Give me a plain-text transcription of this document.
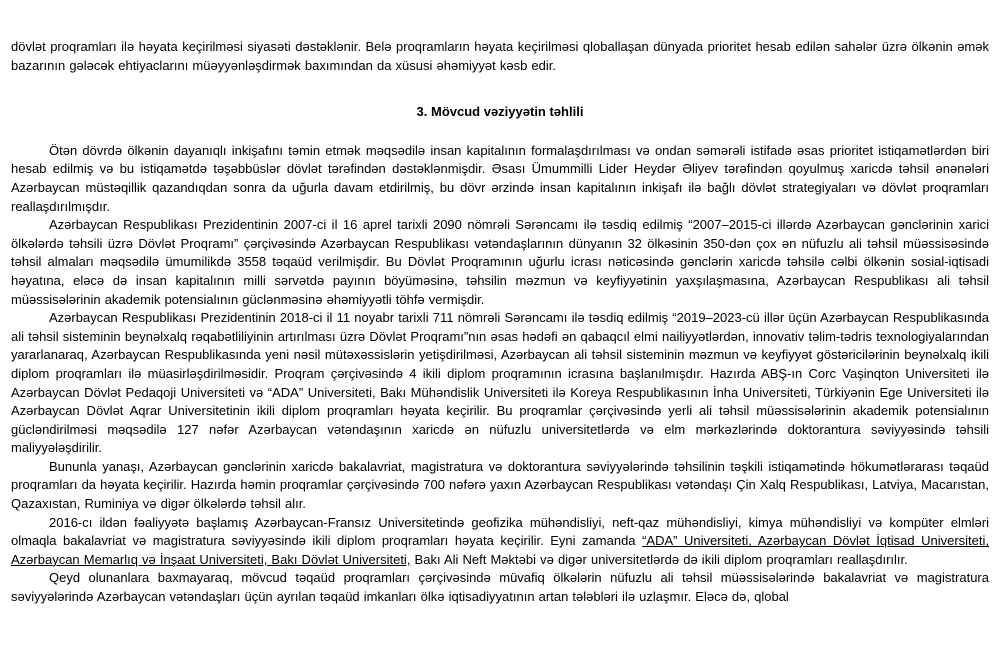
dövlət proqramları ilə həyata keçirilməsi siyasəti dəstəklənir. Belə proqramların həyata keçirilməsi qloballaşan dünyada prioritet hesab edilən sahələr üzrə ölkənin əmək bazarının gələcək ehtiyaclarını müəyyənləşdirmək baxımından da xüsusi əhəmiyyət kəsb edir.

3. Mövcud vəziyyətin təhlili

Ötən dövrdə ölkənin dayanıqlı inkişafını təmin etmək məqsədilə insan kapitalının formalaşdırılması və ondan səmərəli istifadə əsas prioritet istiqamətlərdən biri hesab edilmiş və bu istiqamətdə təşəbbüslər dövlət tərəfindən dəstəklənmişdir. Əsası Ümummilli Lider Heydər Əliyev tərəfindən qoyulmuş xaricdə təhsil ənənələri Azərbaycan müstəqillik qazandıqdan sonra da uğurla davam etdirilmiş, bu dövr ərzində insan kapitalının inkişafı ilə bağlı dövlət strategiyaları və dövlət proqramları reallaşdırılmışdır.

Azərbaycan Respublikası Prezidentinin 2007-ci il 16 aprel tarixli 2090 nömrəli Sərəncamı ilə təsdiq edilmiş “2007–2015-ci illərdə Azərbaycan gənclərinin xarici ölkələrdə təhsili üzrə Dövlət Proqramı” çərçivəsində Azərbaycan Respublikası vətəndaşlarının dünyanın 32 ölkəsinin 350-dən çox ən nüfuzlu ali təhsil müəssisəsində təhsil almaları məqsədilə ümumilikdə 3558 təqaüd verilmişdir. Bu Dövlət Proqramının uğurlu icrası nəticəsində gənclərin xaricdə təhsilə cəlbi ölkənin sosial-iqtisadi həyatına, eləcə də insan kapitalının milli sərvətdə payının böyüməsinə, təhsilin məzmun və keyfiyyətinin yaxşılaşmasına, Azərbaycan Respublikası ali təhsil müəssisələrinin akademik potensialının güclənməsinə əhəmiyyətli töhfə vermişdir.

Azərbaycan Respublikası Prezidentinin 2018-ci il 11 noyabr tarixli 711 nömrəli Sərəncamı ilə təsdiq edilmiş “2019–2023-cü illər üçün Azərbaycan Respublikasında ali təhsil sisteminin beynəlxalq rəqabətliliyinin artırılması üzrə Dövlət Proqramı”nın əsas hədəfi ən qabaqcıl elmi nailiyyətlərdən, innovativ təlim-tədris texnologiyalarından yararlanaraq, Azərbaycan Respublikasında yeni nəsil mütəxəssislərin yetişdirilməsi, Azərbaycan ali təhsil sisteminin məzmun və keyfiyyət göstəricilərinin beynəlxalq ikili diplom proqramları ilə müasirləşdirilməsidir. Proqram çərçivəsində 4 ikili diplom proqramının icrasına başlanılmışdır. Hazırda ABŞ-ın Corc Vaşinqton Universiteti ilə Azərbaycan Dövlət Pedaqoji Universiteti və “ADA” Universiteti, Bakı Mühəndislik Universiteti ilə Koreya Respublikasının İnha Universiteti, Türkiyənin Ege Universiteti ilə Azərbaycan Dövlət Aqrar Universitetinin ikili diplom proqramları həyata keçirilir. Bu proqramlar çərçivəsində yerli ali təhsil müəssisələrinin akademik potensialının gücləndirilməsi məqsədilə 127 nəfər Azərbaycan vətəndaşının xaricdə ən nüfuzlu universitetlərdə və elm mərkəzlərində doktorantura səviyyəsində təhsili maliyyələşdirilir.

Bununla yanaşı, Azərbaycan gənclərinin xaricdə bakalavriat, magistratura və doktorantura səviyyələrində təhsilinin təşkili istiqamətində hökumətlərarası təqaüd proqramları da həyata keçirilir. Hazırda həmin proqramlar çərçivəsində 700 nəfərə yaxın Azərbaycan Respublikası vətəndaşı Çin Xalq Respublikası, Latviya, Macarıstan, Qazaxıstan, Ruminiya və digər ölkələrdə təhsil alır.

2016-cı ildən fəaliyyətə başlamış Azərbaycan-Fransız Universitetində geofizika mühəndisliyi, neft-qaz mühəndisliyi, kimya mühəndisliyi və kompüter elmləri olmaqla bakalavriat və magistratura səviyyəsində ikili diplom proqramları həyata keçirilir. Eyni zamanda “ADA” Universiteti, Azərbaycan Dövlət İqtisad Universiteti, Azərbaycan Memarlıq və İnşaat Universiteti, Bakı Dövlət Universiteti, Bakı Ali Neft Məktəbi və digər universitetlərdə də ikili diplom proqramları reallaşdırılır.

Qeyd olunanlara baxmayaraq, mövcud təqaüd proqramları çərçivəsində müvafiq ölkələrin nüfuzlu ali təhsil müəssisələrində bakalavriat və magistratura səviyyələrində Azərbaycan vətəndaşları üçün ayrılan təqaüd imkanları ölkə iqtisadiyyatının artan tələbləri ilə uzlaşmır. Eləcə də, qlobal
